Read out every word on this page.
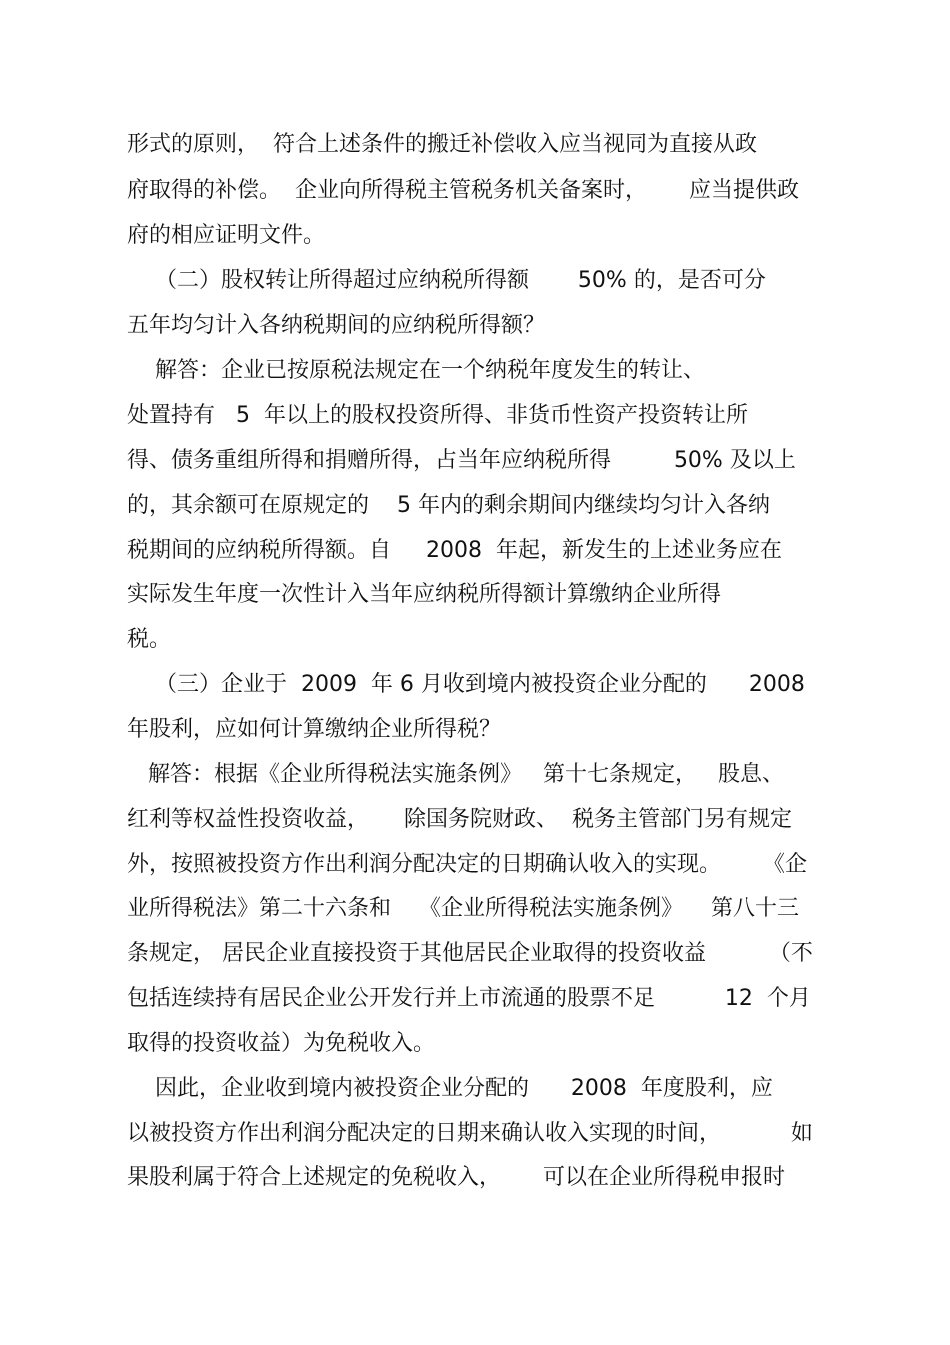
形式的原则，  符合上述条件的搬迁补偿收入应当视同为直接从政
府取得的补偿。  企业向所得税主管税务机关备案时，      应当提供政
府的相应证明文件。
（二）股权转让所得超过应纳税所得额       50% 的，是否可分
五年均匀计入各纳税期间的应纳税所得额？
解答：企业已按原税法规定在一个纳税年度发生的转让、
处置持有   5  年以上的股权投资所得、非货币性资产投资转让所
得、债务重组所得和捐赠所得，占当年应纳税所得         50% 及以上
的，其余额可在原规定的    5 年内的剩余期间内继续均匀计入各纳
税期间的应纳税所得额。自     2008  年起，新发生的上述业务应在
实际发生年度一次性计入当年应纳税所得额计算缴纳企业所得
税。
（三）企业于  2009  年 6 月收到境内被投资企业分配的      2008
年股利，应如何计算缴纳企业所得税？
解答：根据《企业所得税法实施条例》   第十七条规定，   股息、
红利等权益性投资收益，     除国务院财政、  税务主管部门另有规定
外，按照被投资方作出利润分配决定的日期确认收入的实现。      《企
业所得税法》第二十六条和    《企业所得税法实施条例》    第八十三
条规定， 居民企业直接投资于其他居民企业取得的投资收益         （不
包括连续持有居民企业公开发行并上市流通的股票不足          12  个月
取得的投资收益）为免税收入。
因此，企业收到境内被投资企业分配的      2008  年度股利，应
以被投资方作出利润分配决定的日期来确认收入实现的时间，          如
果股利属于符合上述规定的免税收入，      可以在企业所得税申报时
